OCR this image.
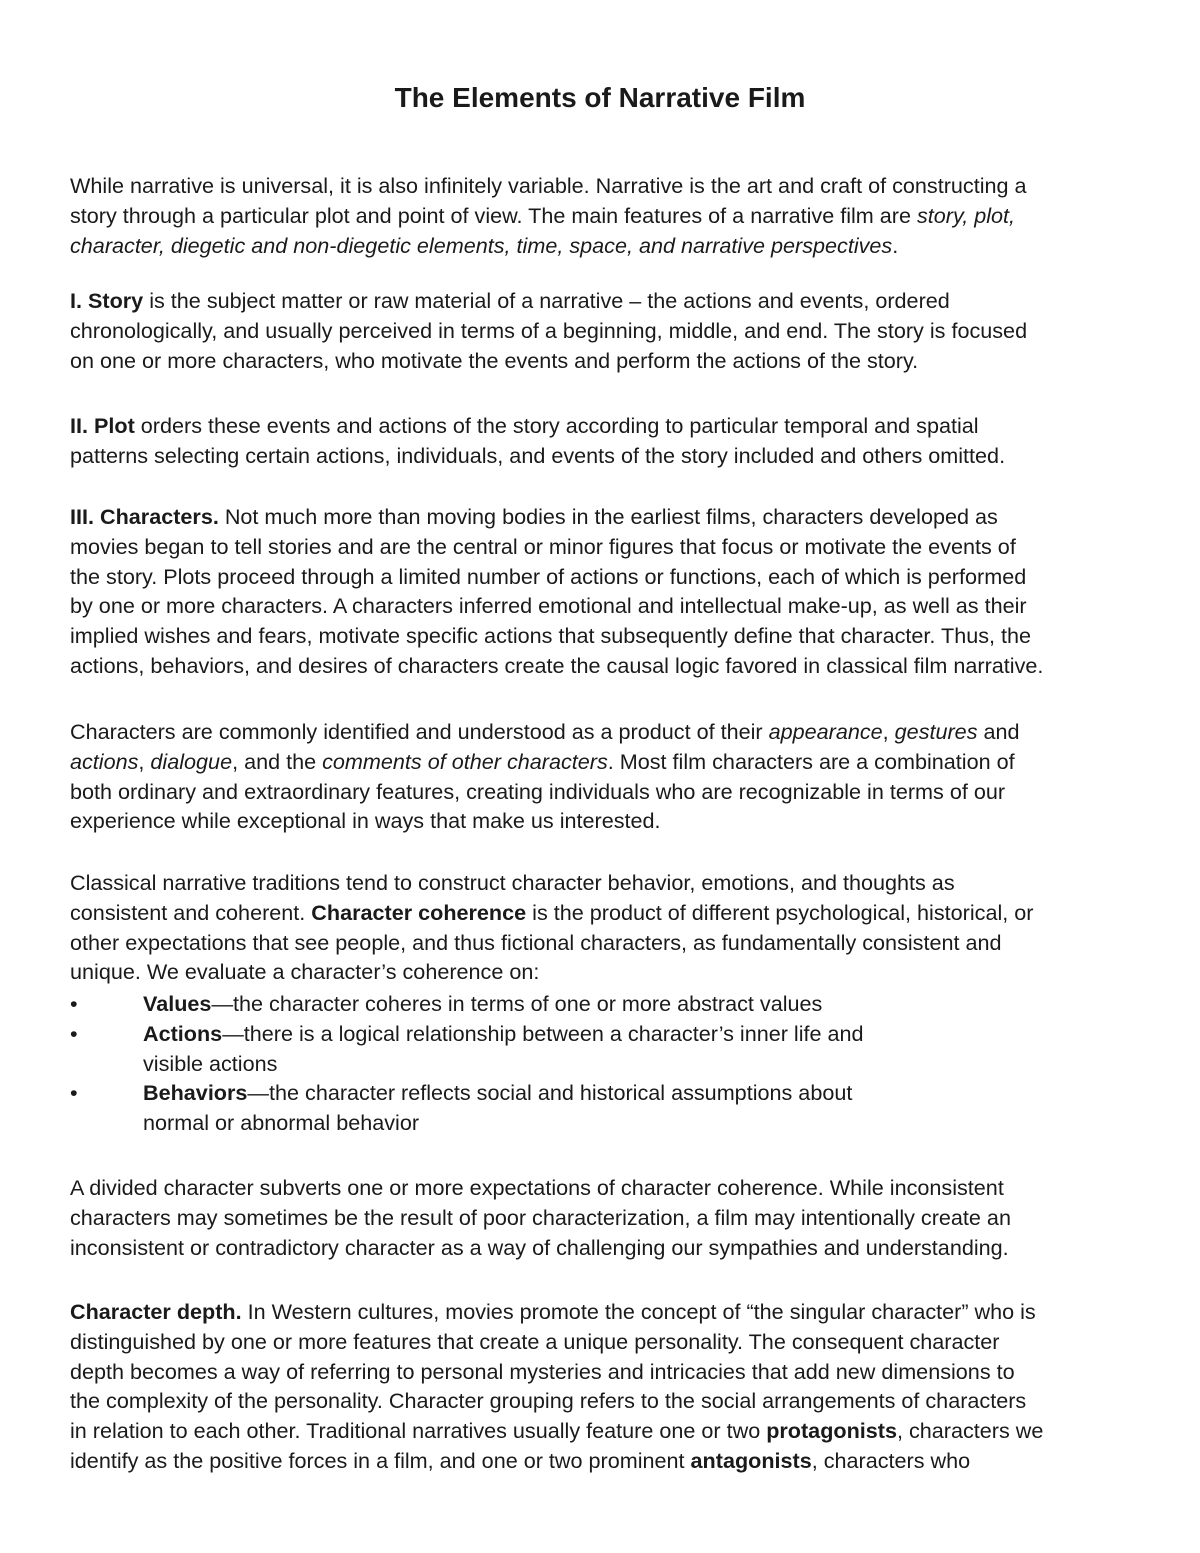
The Elements of Narrative Film
While narrative is universal, it is also infinitely variable. Narrative is the art and craft of constructing a
story through a particular plot and point of view. The main features of a narrative film are story, plot,
character, diegetic and non-diegetic elements, time, space, and narrative perspectives.
I. Story is the subject matter or raw material of a narrative – the actions and events, ordered
chronologically, and usually perceived in terms of a beginning, middle, and end. The story is focused
on one or more characters, who motivate the events and perform the actions of the story.
II. Plot orders these events and actions of the story according to particular temporal and spatial
patterns selecting certain actions, individuals, and events of the story included and others omitted.
III. Characters. Not much more than moving bodies in the earliest films, characters developed as
movies began to tell stories and are the central or minor figures that focus or motivate the events of
the story. Plots proceed through a limited number of actions or functions, each of which is performed
by one or more characters. A characters inferred emotional and intellectual make-up, as well as their
implied wishes and fears, motivate specific actions that subsequently define that character. Thus, the
actions, behaviors, and desires of characters create the causal logic favored in classical film narrative.
Characters are commonly identified and understood as a product of their appearance, gestures and
actions, dialogue, and the comments of other characters. Most film characters are a combination of
both ordinary and extraordinary features, creating individuals who are recognizable in terms of our
experience while exceptional in ways that make us interested.
Classical narrative traditions tend to construct character behavior, emotions, and thoughts as
consistent and coherent. Character coherence is the product of different psychological, historical, or
other expectations that see people, and thus fictional characters, as fundamentally consistent and
unique. We evaluate a character’s coherence on:
•	Values—the character coheres in terms of one or more abstract values
•	Actions—there is a logical relationship between a character’s inner life and
visible actions
•	Behaviors—the character reflects social and historical assumptions about
normal or abnormal behavior
A divided character subverts one or more expectations of character coherence. While inconsistent
characters may sometimes be the result of poor characterization, a film may intentionally create an
inconsistent or contradictory character as a way of challenging our sympathies and understanding.
Character depth. In Western cultures, movies promote the concept of “the singular character” who is
distinguished by one or more features that create a unique personality. The consequent character
depth becomes a way of referring to personal mysteries and intricacies that add new dimensions to
the complexity of the personality. Character grouping refers to the social arrangements of characters
in relation to each other. Traditional narratives usually feature one or two protagonists, characters we
identify as the positive forces in a film, and one or two prominent antagonists, characters who
